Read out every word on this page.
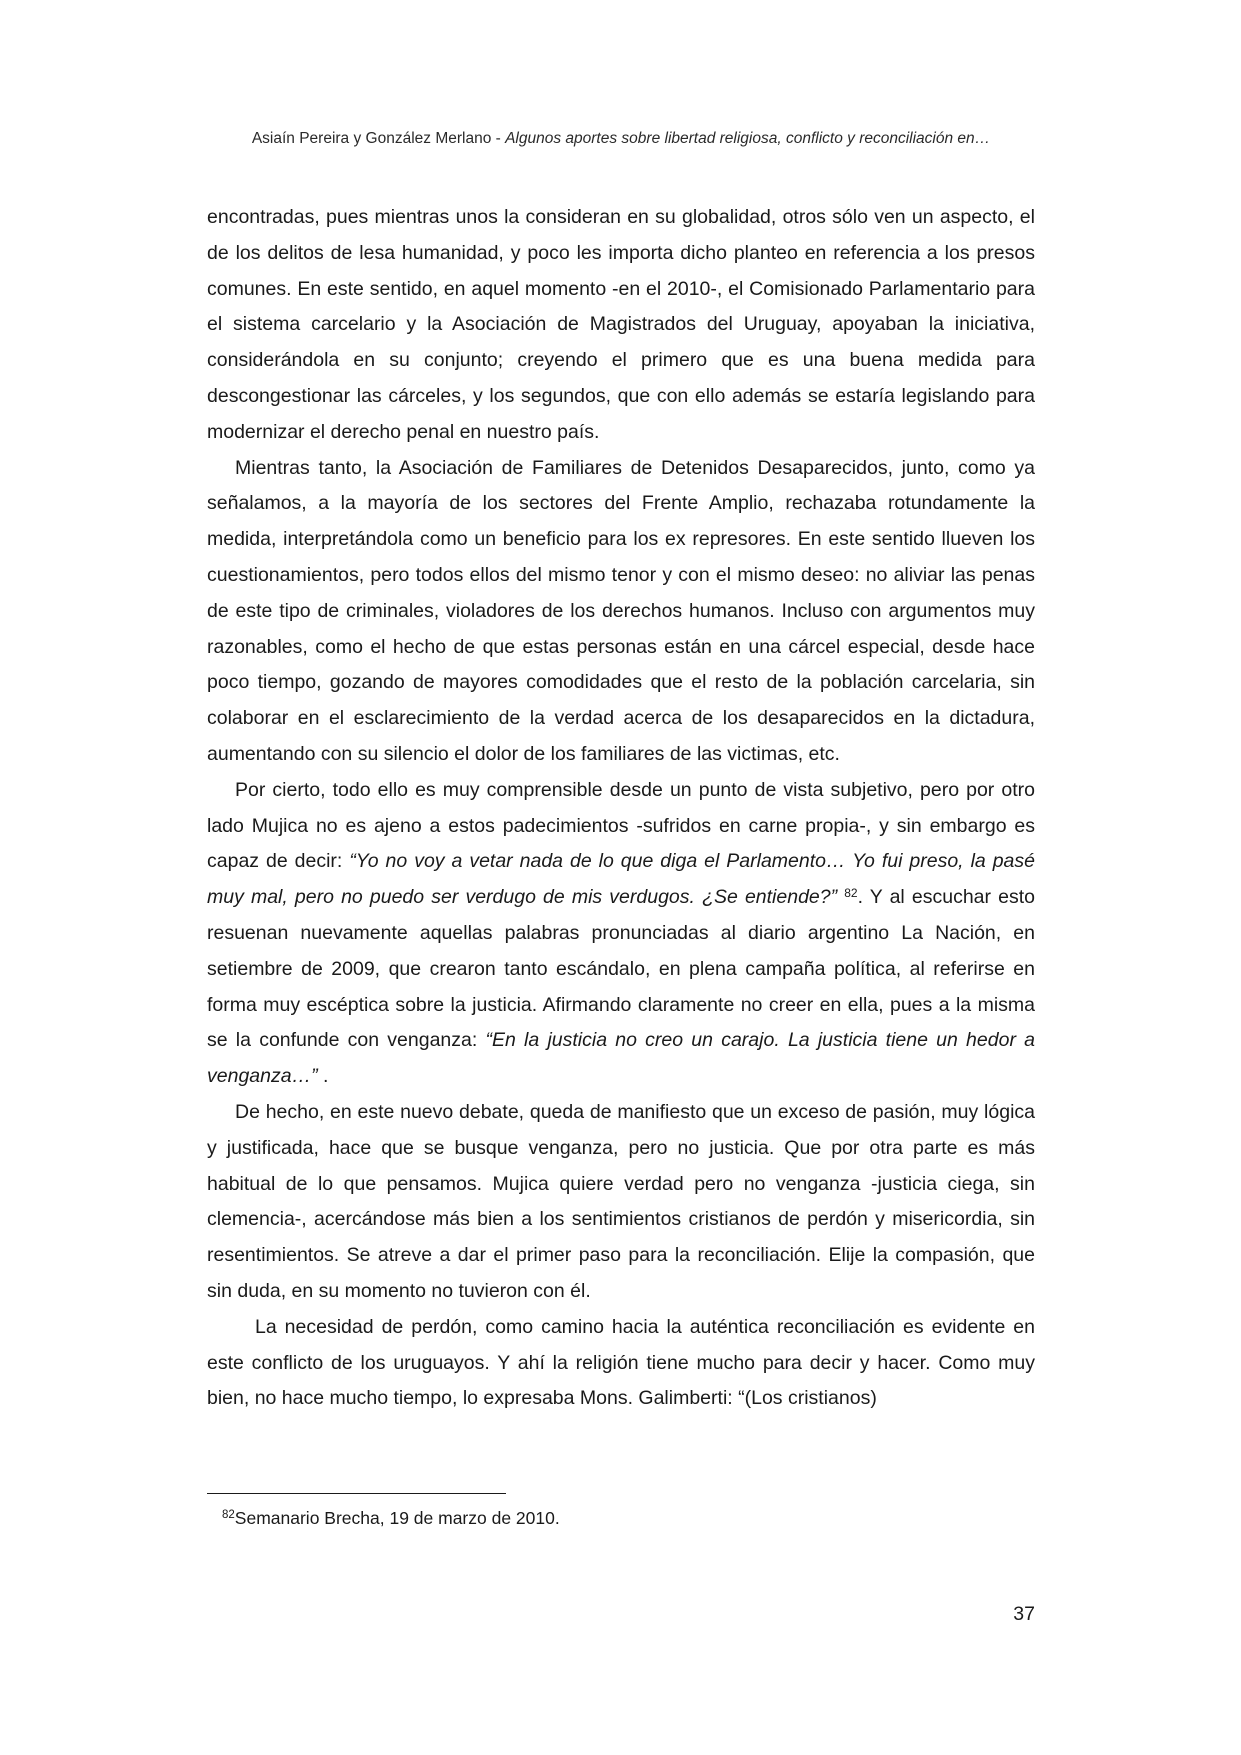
Asiaín Pereira y González Merlano - Algunos aportes sobre libertad religiosa, conflicto y reconciliación en…

encontradas, pues mientras unos la consideran en su globalidad, otros sólo ven un aspecto, el de los delitos de lesa humanidad, y poco les importa dicho planteo en referencia a los presos comunes. En este sentido, en aquel momento -en el 2010-, el Comisionado Parlamentario para el sistema carcelario y la Asociación de Magistrados del Uruguay, apoyaban la iniciativa, considerándola en su conjunto; creyendo el primero que es una buena medida para descongestionar las cárceles, y los segundos, que con ello además se estaría legislando para modernizar el derecho penal en nuestro país.

Mientras tanto, la Asociación de Familiares de Detenidos Desaparecidos, junto, como ya señalamos, a la mayoría de los sectores del Frente Amplio, rechazaba rotundamente la medida, interpretándola como un beneficio para los ex represores. En este sentido llueven los cuestionamientos, pero todos ellos del mismo tenor y con el mismo deseo: no aliviar las penas de este tipo de criminales, violadores de los derechos humanos. Incluso con argumentos muy razonables, como el hecho de que estas personas están en una cárcel especial, desde hace poco tiempo, gozando de mayores comodidades que el resto de la población carcelaria, sin colaborar en el esclarecimiento de la verdad acerca de los desaparecidos en la dictadura, aumentando con su silencio el dolor de los familiares de las victimas, etc.

Por cierto, todo ello es muy comprensible desde un punto de vista subjetivo, pero por otro lado Mujica no es ajeno a estos padecimientos -sufridos en carne propia-, y sin embargo es capaz de decir: “Yo no voy a vetar nada de lo que diga el Parlamento… Yo fui preso, la pasé muy mal, pero no puedo ser verdugo de mis verdugos. ¿Se entiende?” $^{82}$. Y al escuchar esto resuenan nuevamente aquellas palabras pronunciadas al diario argentino La Nación, en setiembre de 2009, que crearon tanto escándalo, en plena campaña política, al referirse en forma muy escéptica sobre la justicia. Afirmando claramente no creer en ella, pues a la misma se la confunde con venganza: “En la justicia no creo un carajo. La justicia tiene un hedor a venganza…” .

De hecho, en este nuevo debate, queda de manifiesto que un exceso de pasión, muy lógica y justificada, hace que se busque venganza, pero no justicia. Que por otra parte es más habitual de lo que pensamos. Mujica quiere verdad pero no venganza -justicia ciega, sin clemencia-, acercándose más bien a los sentimientos cristianos de perdón y misericordia, sin resentimientos. Se atreve a dar el primer paso para la reconciliación. Elije la compasión, que sin duda, en su momento no tuvieron con él.

La necesidad de perdón, como camino hacia la auténtica reconciliación es evidente en este conflicto de los uruguayos. Y ahí la religión tiene mucho para decir y hacer. Como muy bien, no hace mucho tiempo, lo expresaba Mons. Galimberti: “(Los cristianos)

$^{82}$Semanario Brecha, 19 de marzo de 2010.
37
